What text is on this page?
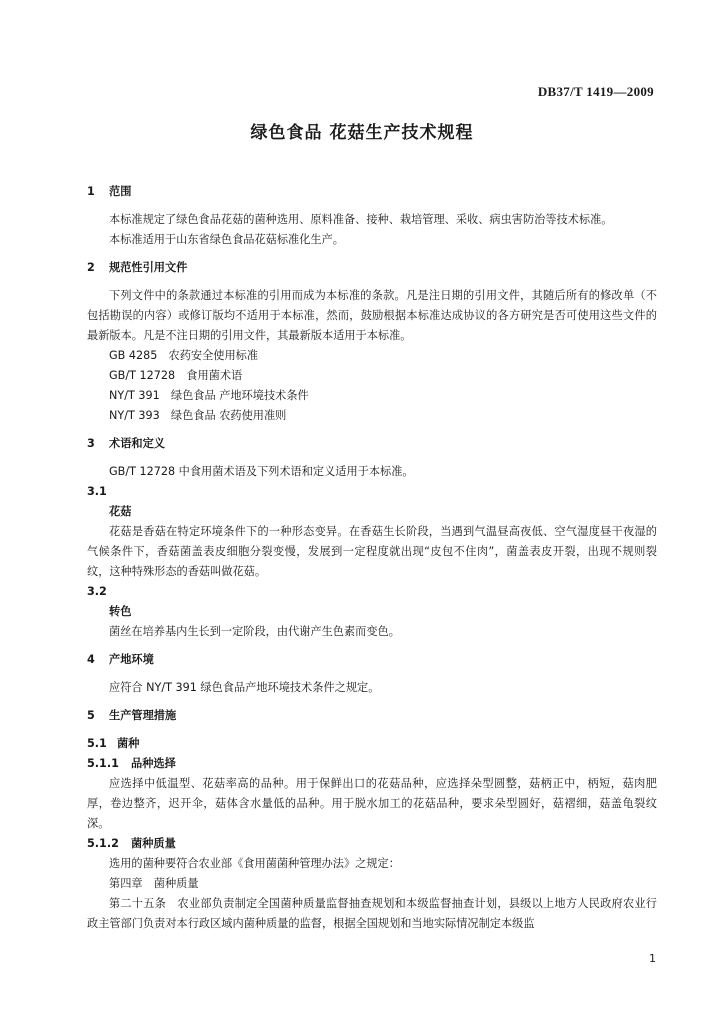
DB37/T 1419—2009
绿色食品 花菇生产技术规程
1 范围

本标准规定了绿色食品花菇的菌种选用、原料准备、接种、栽培管理、采收、病虫害防治等技术标准。

本标准适用于山东省绿色食品花菇标准化生产。

2 规范性引用文件

下列文件中的条款通过本标准的引用而成为本标准的条款。凡是注日期的引用文件，其随后所有的修改单（不包括勘误的内容）或修订版均不适用于本标准，然而，鼓励根据本标准达成协议的各方研究是否可使用这些文件的最新版本。凡是不注日期的引用文件，其最新版本适用于本标准。

GB 4285　农药安全使用标准
GB/T 12728　食用菌术语
NY/T 391　绿色食品 产地环境技术条件
NY/T 393　绿色食品 农药使用准则
3 术语和定义

GB/T 12728 中食用菌术语及下列术语和定义适用于本标准。

3.1
花菇

花菇是香菇在特定环境条件下的一种形态变异。在香菇生长阶段，当遇到气温昼高夜低、空气湿度昼干夜湿的气候条件下，香菇菌盖表皮细胞分裂变慢，发展到一定程度就出现“皮包不住肉”，菌盖表皮开裂，出现不规则裂纹，这种特殊形态的香菇叫做花菇。

3.2
转色

菌丝在培养基内生长到一定阶段，由代谢产生色素而变色。

4 产地环境

应符合 NY/T 391 绿色食品产地环境技术条件之规定。

5 生产管理措施
5.1 菌种
5.1.1 品种选择

应选择中低温型、花菇率高的品种。用于保鲜出口的花菇品种，应选择朵型圆整，菇柄正中，柄短，菇肉肥厚，卷边整齐，迟开伞，菇体含水量低的品种。用于脱水加工的花菇品种，要求朵型圆好，菇褶细，菇盖龟裂纹深。

5.1.2 菌种质量

选用的菌种要符合农业部《食用菌菌种管理办法》之规定：

第四章　菌种质量

第二十五条　农业部负责制定全国菌种质量监督抽查规划和本级监督抽查计划，县级以上地方人民政府农业行政主管部门负责对本行政区域内菌种质量的监督，根据全国规划和当地实际情况制定本级监

1
